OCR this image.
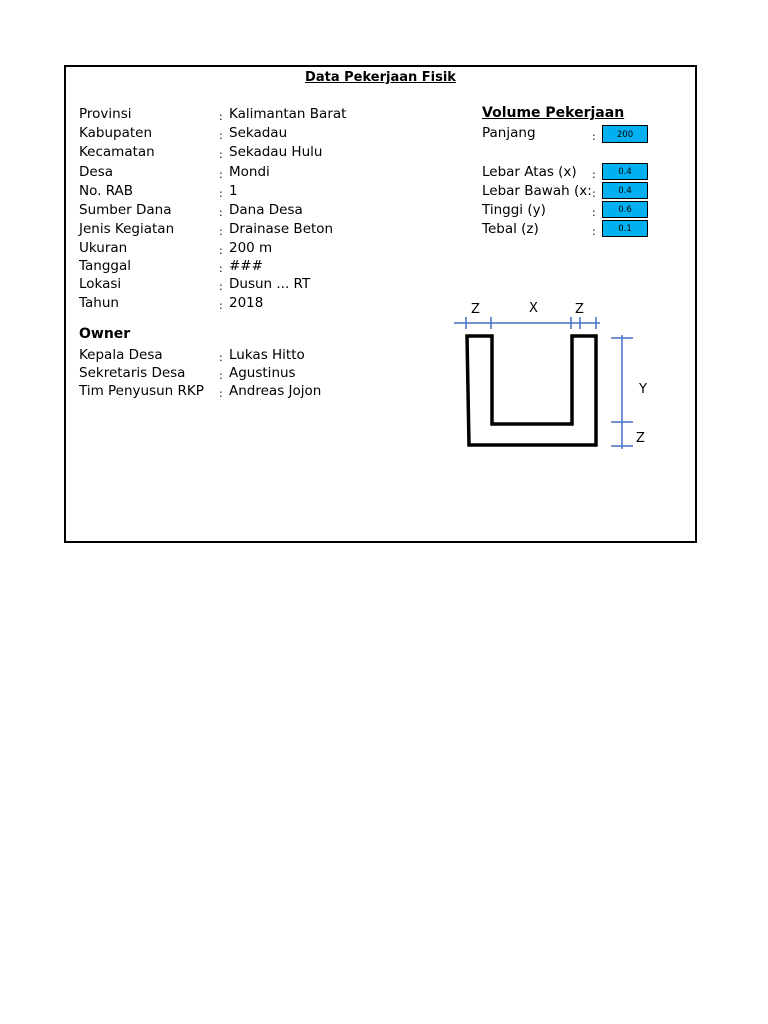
Data Pekerjaan Fisik
Provinsi	: Kalimantan Barat
Kabupaten	: Sekadau
Kecamatan	: Sekadau Hulu
Desa	: Mondi
No. RAB	: 1
Sumber Dana	: Dana Desa
Jenis Kegiatan	: Drainase Beton
Ukuran	: 200 m
Tanggal	: ###
Lokasi	: Dusun ... RT
Tahun	: 2018
Owner
Kepala Desa	: Lukas Hitto
Sekretaris Desa	: Agustinus
Tim Penyusun RKP : Andreas Jojon
Volume Pekerjaan
Panjang	:	200
Lebar Atas (x) :	0.4
Lebar Bawah (x: :	0.4
Tinggi (y)	:	0.6
Tebal (z)	:	0.1
Z	X	Z
Y
Z
